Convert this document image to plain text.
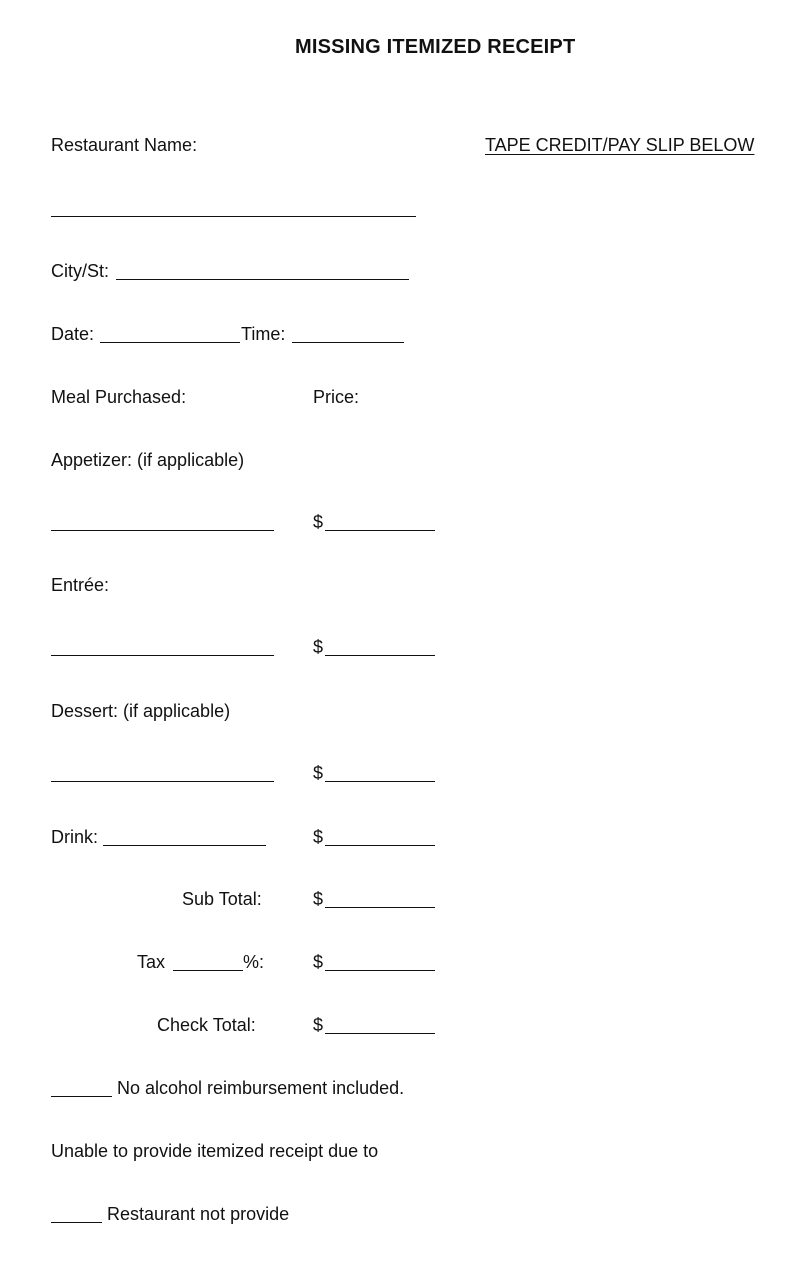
MISSING ITEMIZED RECEIPT
TAPE CREDIT/PAY SLIP BELOW
Restaurant Name:
City/St:
Date:	Time:
Meal Purchased:	Price:
Appetizer: (if applicable)
$
Entrée:
$
Dessert: (if applicable)
$
Drink:	$
Sub Total:	$
Tax	%:	$
Check Total:	$
No alcohol reimbursement included.
Unable to provide itemized receipt due to
Restaurant not provide
